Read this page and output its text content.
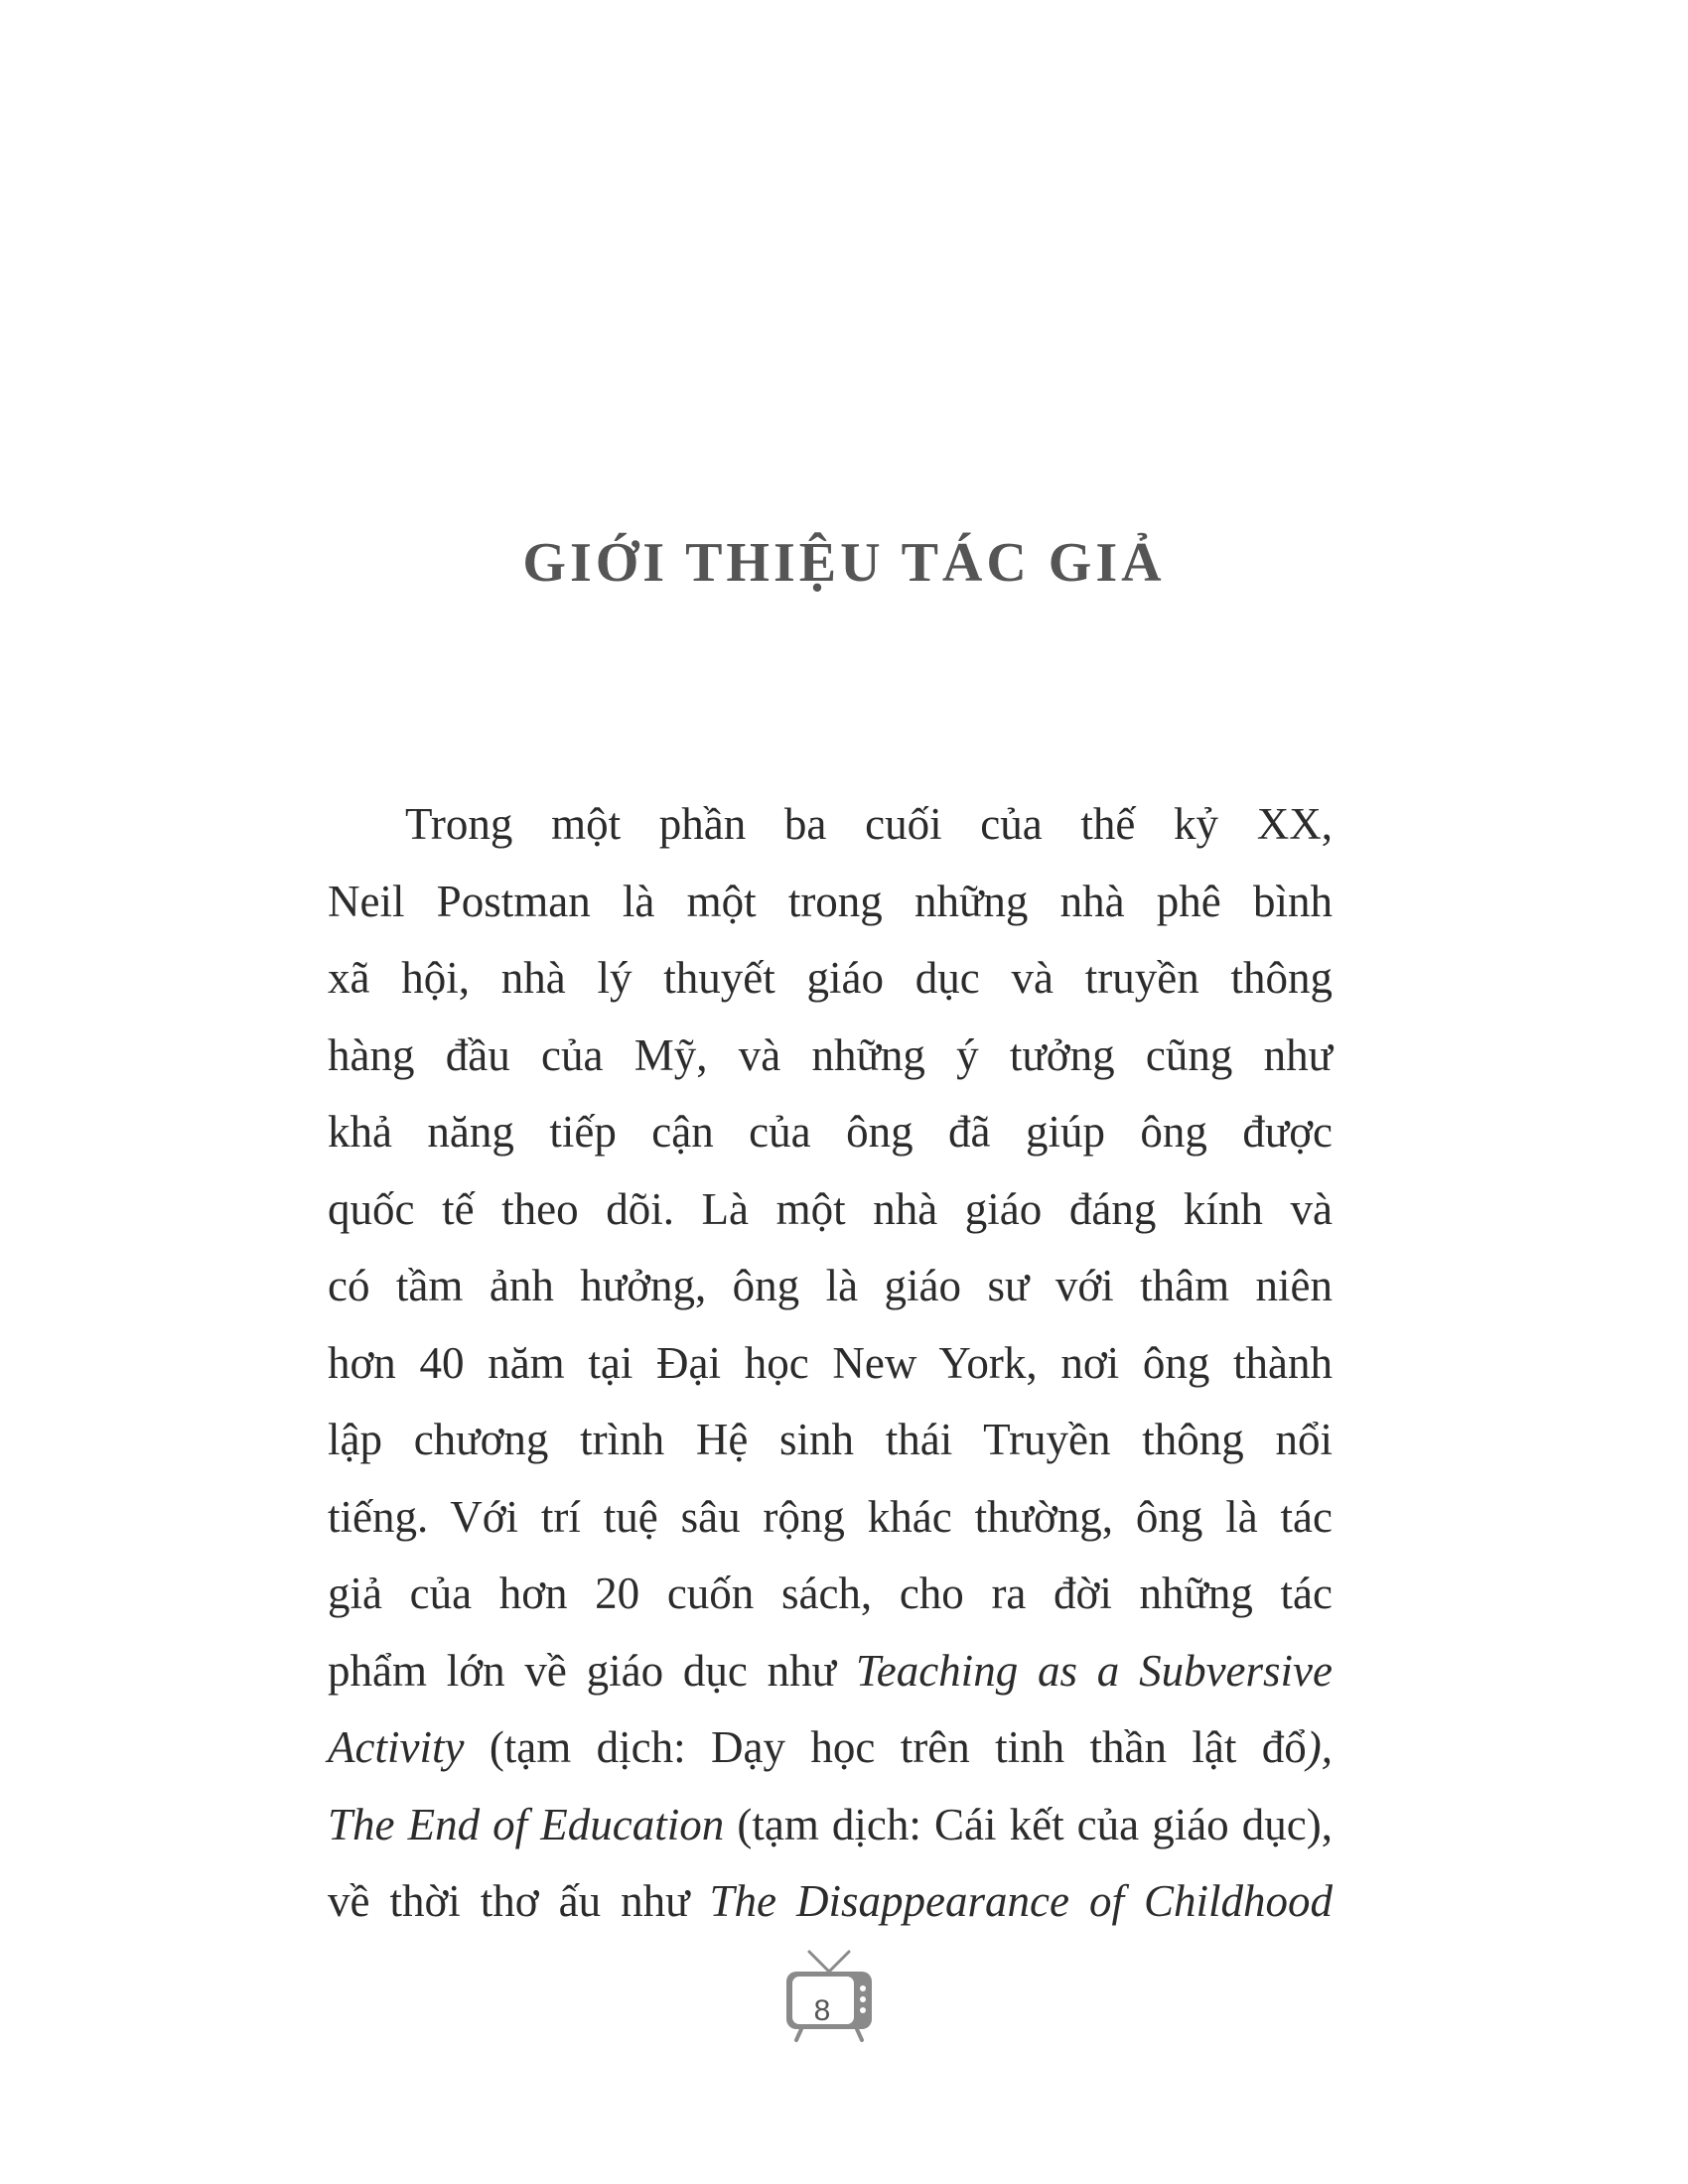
GIỚI THIỆU TÁC GIẢ
Trong một phần ba cuối của thế kỷ XX,
Neil Postman là một trong những nhà phê bình
xã hội, nhà lý thuyết giáo dục và truyền thông
hàng đầu của Mỹ, và những ý tưởng cũng như
khả năng tiếp cận của ông đã giúp ông được
quốc tế theo dõi. Là một nhà giáo đáng kính và
có tầm ảnh hưởng, ông là giáo sư với thâm niên
hơn 40 năm tại Đại học New York, nơi ông thành
lập chương trình Hệ sinh thái Truyền thông nổi
tiếng. Với trí tuệ sâu rộng khác thường, ông là tác
giả của hơn 20 cuốn sách, cho ra đời những tác
phẩm lớn về giáo dục như Teaching as a Subversive
Activity (tạm dịch: Dạy học trên tinh thần lật đổ),
The End of Education (tạm dịch: Cái kết của giáo dục),
về thời thơ ấu như The Disappearance of Childhood
8
